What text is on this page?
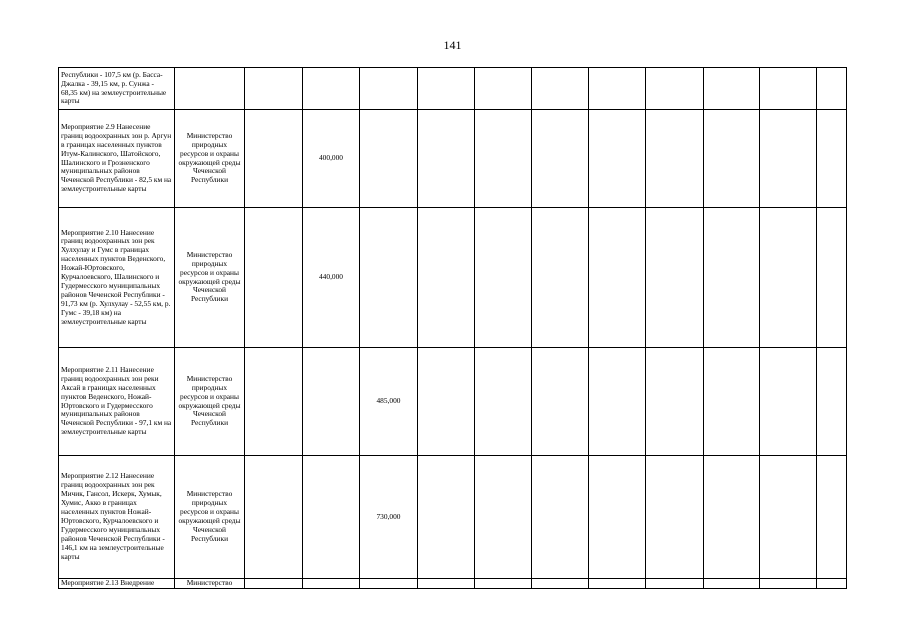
141
Республики - 107,5 км (р. Басса-Джалка - 39,15 км, р. Сунжа - 68,35 км) на землеустроительные карты												
Мероприятие 2.9 Нанесение границ водоохранных зон р. Аргун в границах населенных пунктов Итум-Калинского, Шатойского, Шалинского и Грозненского муниципальных районов Чеченской Республики - 82,5 км на землеустроительные карты	Министерство природных ресурсов и охраны окружающей среды Чеченской Республики		400,000									
Мероприятие 2.10 Нанесение границ водоохранных зон рек Хулхулау и Гумс в границах населенных пунктов Веденского, Ножай-Юртовского, Курчалоевского, Шалинского и Гудермесского муниципальных районов Чеченской Республики - 91,73 км (р. Хулхулау - 52,55 км, р. Гумс - 39,18 км) на землеустроительные карты	Министерство природных ресурсов и охраны окружающей среды Чеченской Республики		440,000									
Мероприятие 2.11 Нанесение границ водоохранных зон реки Аксай в границах населенных пунктов Веденского, Ножай-Юртовского и Гудермесского муниципальных районов Чеченской Республики - 97,1 км на землеустроительные карты	Министерство природных ресурсов и охраны окружающей среды Чеченской Республики			485,000								
Мероприятие 2.12 Нанесение границ водоохранных зон рек Мичик, Гансол, Искерк, Хумык, Хумис, Акко в границах населенных пунктов Ножай-Юртовского, Курчалоевского и Гудермесского муниципальных районов Чеченской Республики - 146,1 км на землеустроительные карты	Министерство природных ресурсов и охраны окружающей среды Чеченской Республики			730,000								
Мероприятие 2.13 Внедрение	Министерство											
